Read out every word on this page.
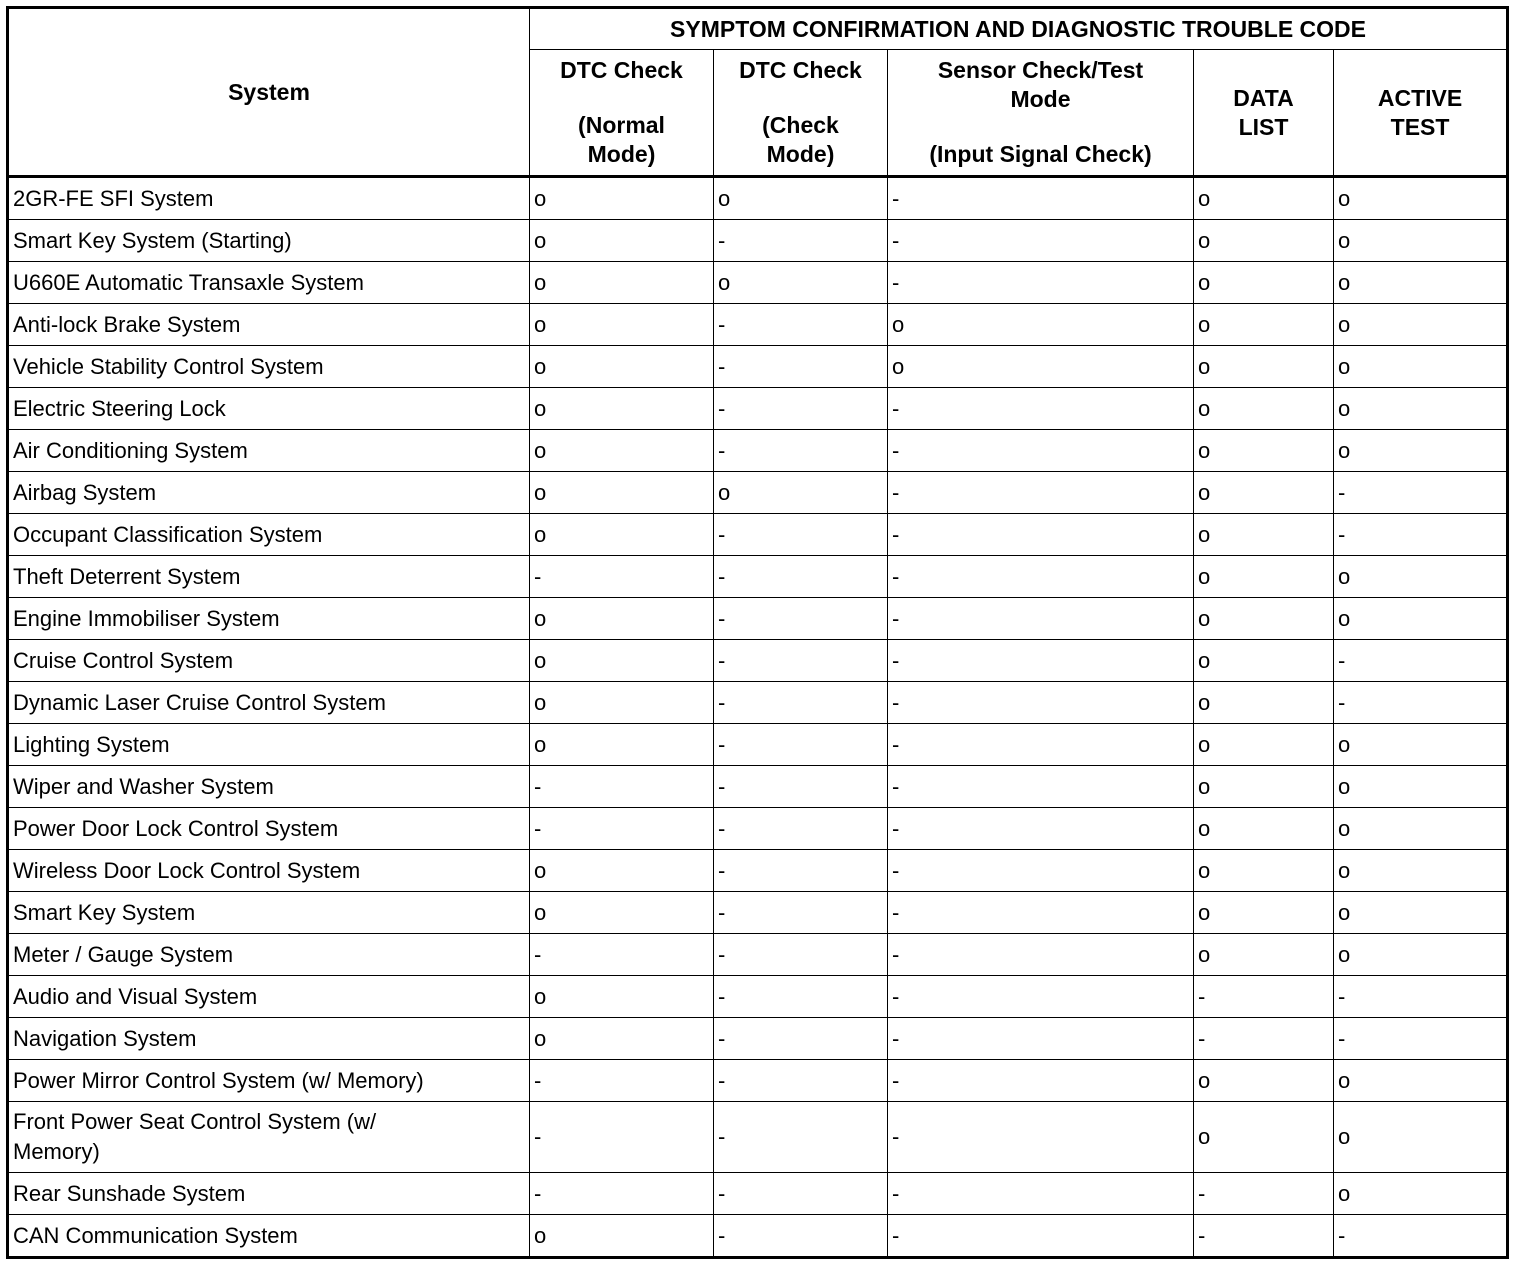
System	SYMPTOM CONFIRMATION AND DIAGNOSTIC TROUBLE CODE				

	DTC Check
(Normal
Mode)	DTC Check
(Check
Mode)	Sensor Check/Test
Mode
(Input Signal Check)	DATA
LIST	ACTIVE
TEST

2GR-FE SFI System	o	o	-	o	o
Smart Key System (Starting)	o	-	-	o	o
U660E Automatic Transaxle System	o	o	-	o	o
Anti-lock Brake System	o	-	o	o	o
Vehicle Stability Control System	o	-	o	o	o
Electric Steering Lock	o	-	-	o	o
Air Conditioning System	o	-	-	o	o
Airbag System	o	o	-	o	-
Occupant Classification System	o	-	-	o	-
Theft Deterrent System	-	-	-	o	o
Engine Immobiliser System	o	-	-	o	o
Cruise Control System	o	-	-	o	-
Dynamic Laser Cruise Control System	o	-	-	o	-
Lighting System	o	-	-	o	o
Wiper and Washer System	-	-	-	o	o
Power Door Lock Control System	-	-	-	o	o
Wireless Door Lock Control System	o	-	-	o	o
Smart Key System	o	-	-	o	o
Meter / Gauge System	-	-	-	o	o
Audio and Visual System	o	-	-	-	-
Navigation System	o	-	-	-	-
Power Mirror Control System (w/ Memory)	-	-	-	o	o

Front Power Seat Control System (w/
Memory)	-	-	-	o	o
Rear Sunshade System	-	-	-	-	o
CAN Communication System	o	-	-	-	-
